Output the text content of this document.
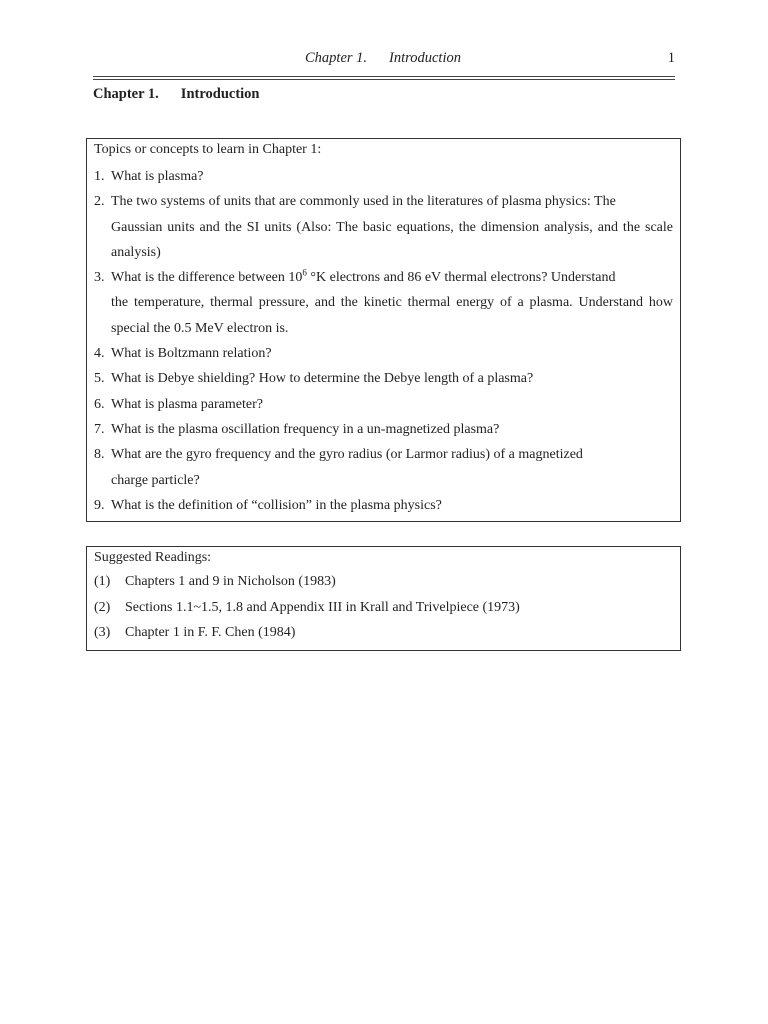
Chapter 1. Introduction	1
Chapter 1. Introduction
Topics or concepts to learn in Chapter 1:
1. What is plasma?
2. The two systems of units that are commonly used in the literatures of plasma physics: The
Gaussian units and the SI units (Also: The basic equations, the dimension analysis, and the scale analysis)
3. What is the difference between $10^6$ °K electrons and 86 eV thermal electrons? Understand
the temperature, thermal pressure, and the kinetic thermal energy of a plasma. Understand how special the 0.5 MeV electron is.
4. What is Boltzmann relation?
5. What is Debye shielding? How to determine the Debye length of a plasma?
6. What is plasma parameter?
7. What is the plasma oscillation frequency in a un-magnetized plasma?
8. What are the gyro frequency and the gyro radius (or Larmor radius) of a magnetized
charge particle?
9. What is the definition of “collision” in the plasma physics?
Suggested Readings:
(1)	Chapters 1 and 9 in Nicholson (1983)
(2)	Sections 1.1~1.5, 1.8 and Appendix III in Krall and Trivelpiece (1973)
(3)	Chapter 1 in F. F. Chen (1984)
